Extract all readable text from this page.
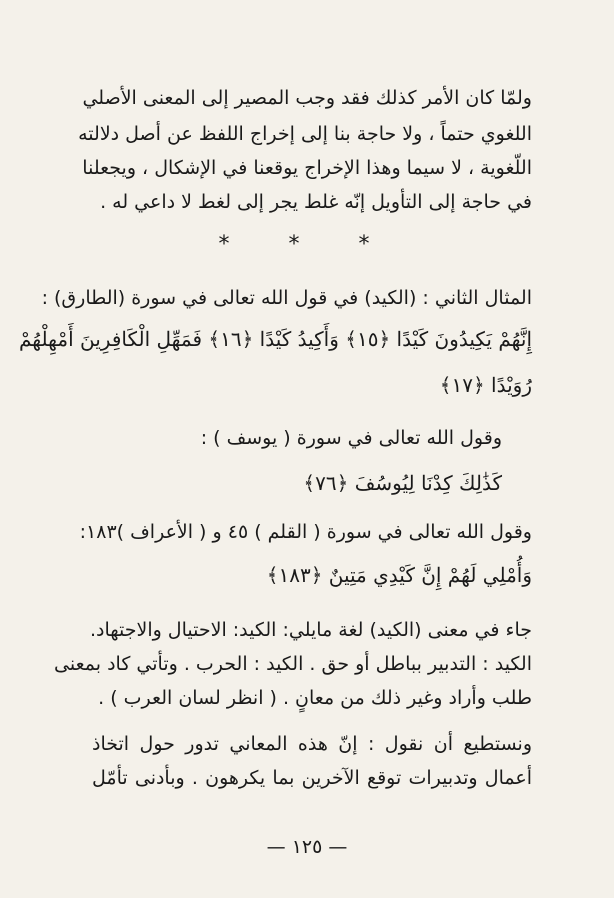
ولمّا كان الأمر كذلك فقد وجب المصير إلى المعنى الأصلي
اللغوي حتماً ، ولا حاجة بنا إلى إخراج اللفظ عن أصل دلالته
اللّغوية ، لا سيما وهذا الإخراج يوقعنا في الإشكال ، ويجعلنا
في حاجة إلى التأويل إنّه غلط يجر إلى لغط لا داعي له .
* * *
المثال الثاني : (الكيد) في قول الله تعالى في سورة (الطارق) :
إِنَّهُمْ يَكِيدُونَ كَيْدًا ﴿١٥﴾ وَأَكِيدُ كَيْدًا ﴿١٦﴾ فَمَهِّلِ الْكَافِرِينَ أَمْهِلْهُمْ
رُوَيْدًا ﴿١٧﴾
وقول الله تعالى في سورة ( يوسف ) :
كَذَٰلِكَ كِدْنَا لِيُوسُفَ ﴿٧٦﴾
وقول الله تعالى في سورة ( القلم ) ٤٥ و ( الأعراف )١٨٣:
وَأُمْلِي لَهُمْ إِنَّ كَيْدِي مَتِينٌ ﴿١٨٣﴾
جاء في معنى (الكيد) لغة مايلي: الكيد: الاحتيال والاجتهاد.
الكيد : التدبير بباطل أو حق . الكيد : الحرب . وتأتي كاد بمعنى
طلب وأراد وغير ذلك من معانٍ . ( انظر لسان العرب ) .
ونستطيع أن نقول : إنّ هذه المعاني تدور حول اتخاذ
أعمال وتدبيرات توقع الآخرين بما يكرهون . وبأدنى تأمّل
— ١٢٥ —
